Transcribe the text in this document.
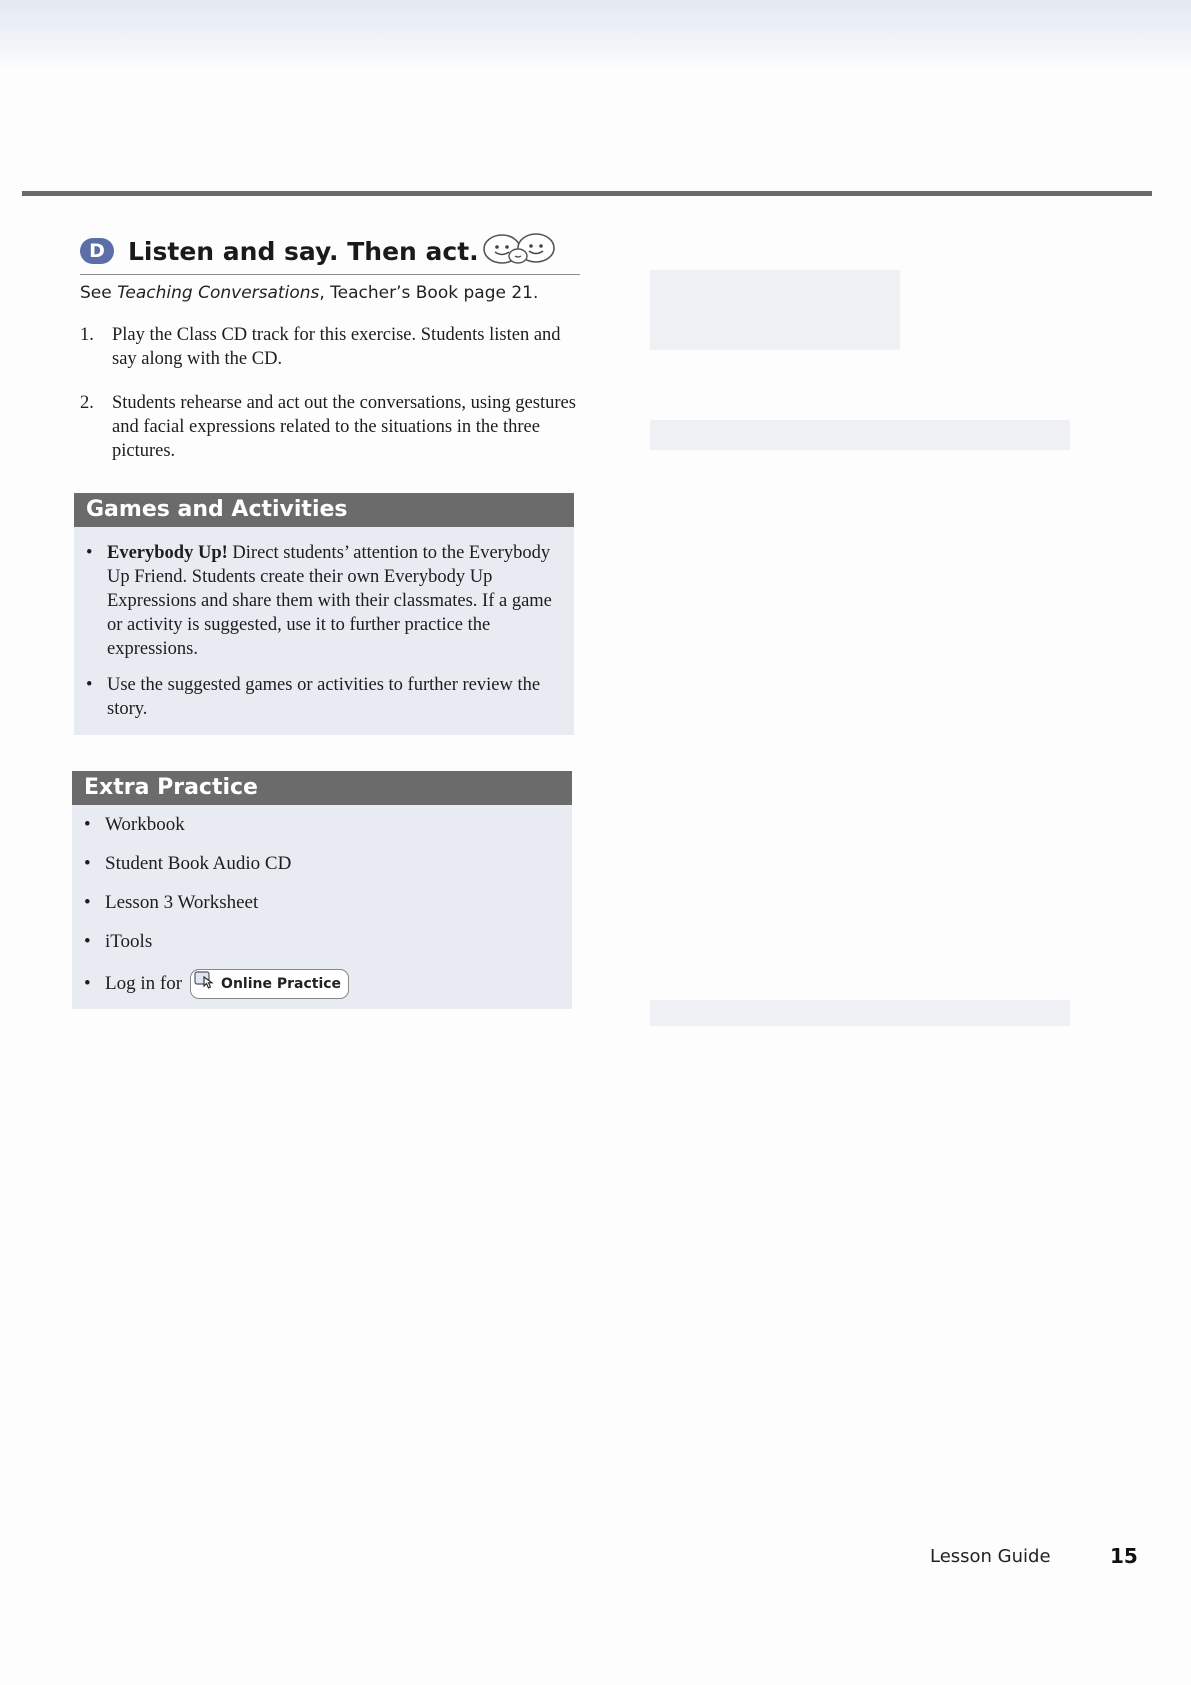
D Listen and say. Then act.
See Teaching Conversations, Teacher’s Book page 21.
1. Play the Class CD track for this exercise. Students listen and say along with the CD.
2. Students rehearse and act out the conversations, using gestures and facial expressions related to the situations in the three pictures.
Games and Activities
• Everybody Up! Direct students’ attention to the Everybody Up Friend. Students create their own Everybody Up Expressions and share them with their classmates. If a game or activity is suggested, use it to further practice the expressions.
• Use the suggested games or activities to further review the story.
Extra Practice
• Workbook
• Student Book Audio CD
• Lesson 3 Worksheet
• iTools
• Log in for	Online Practice
Lesson Guide	15
